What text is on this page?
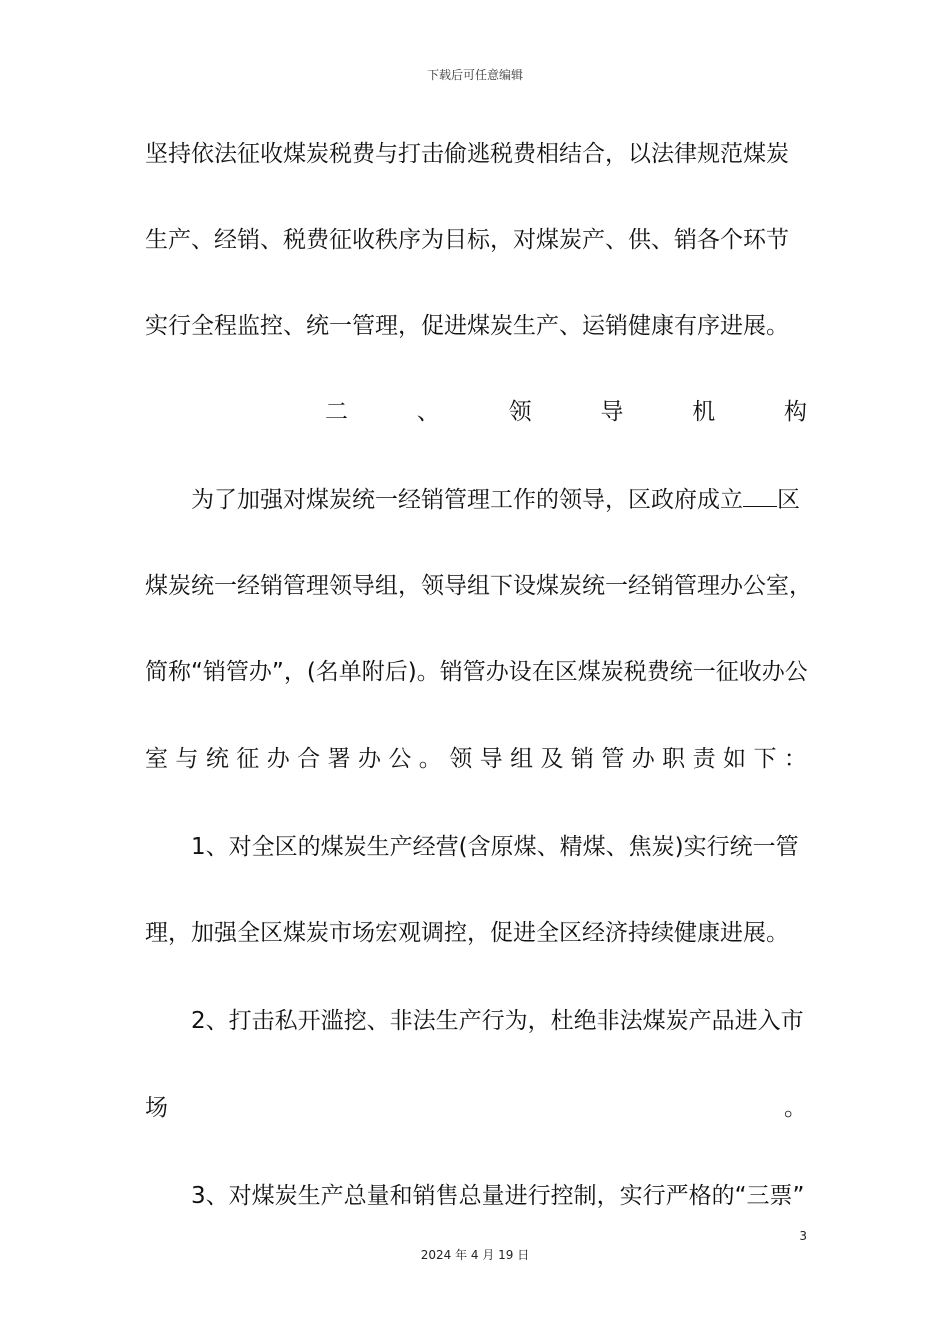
下载后可任意编辑
坚持依法征收煤炭税费与打击偷逃税费相结合，以法律规范煤炭
生产、经销、税费征收秩序为目标，对煤炭产、供、销各个环节
实行全程监控、统一管理，促进煤炭生产、运销健康有序进展。
二	、	领	导	机	构
为了加强对煤炭统一经销管理工作的领导，区政府成立 区
煤炭统一经销管理领导组，领导组下设煤炭统一经销管理办公室，
简称“销管办”，(名单附后)。销管办设在区煤炭税费统一征收办公
室 与 统 征 办 合 署 办 公 。 领 导 组 及 销 管 办 职 责 如 下 ：
1、对全区的煤炭生产经营(含原煤、精煤、焦炭)实行统一管
理，加强全区煤炭市场宏观调控，促进全区经济持续健康进展。
2、打击私开滥挖、非法生产行为，杜绝非法煤炭产品进入市
场	。
3、对煤炭生产总量和销售总量进行控制，实行严格的“三票”
3
2024 年 4 月 19 日
